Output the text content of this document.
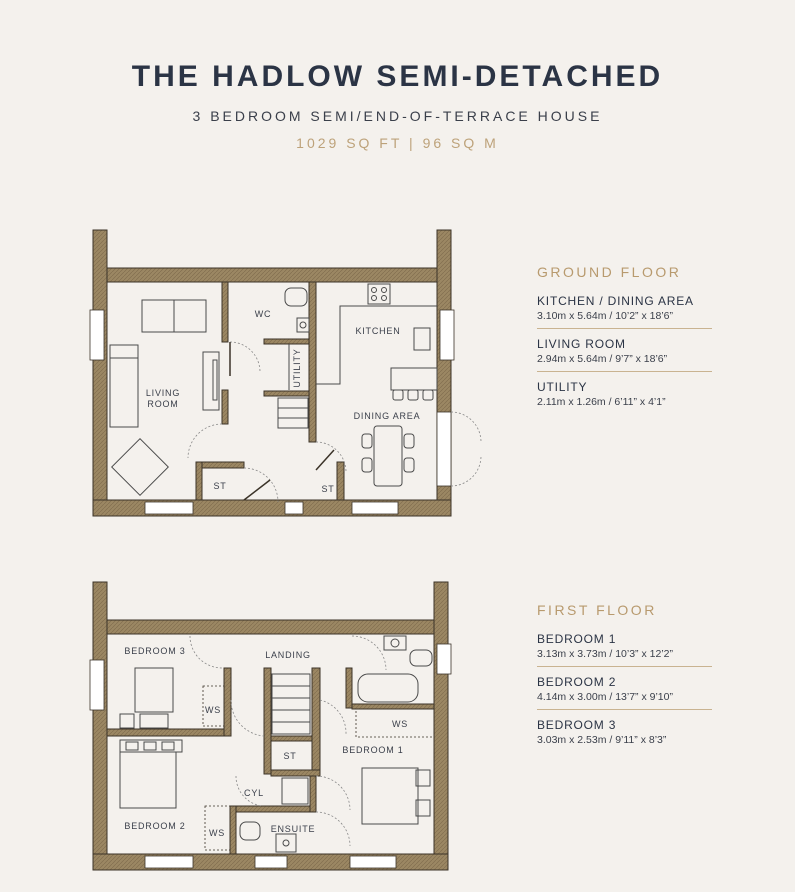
THE HADLOW SEMI-DETACHED
3 BEDROOM SEMI/END-OF-TERRACE HOUSE
1029 SQ FT | 96 SQ M
WC
KITCHEN
LIVING
ROOM
UTILITY
DINING AREA
ST	ST
BEDROOM 3	LANDING
WS
WS
ST
BEDROOM 1
CYL
BEDROOM 2
WS	ENSUITE
GROUND FLOOR
KITCHEN / DINING AREA
3.10m x 5.64m / 10’2” x 18’6”
LIVING ROOM
2.94m x 5.64m / 9’7” x 18’6”
UTILITY
2.11m x 1.26m / 6’11” x 4’1”
FIRST FLOOR
BEDROOM 1
3.13m x 3.73m / 10’3” x 12’2”
BEDROOM 2
4.14m x 3.00m / 13’7” x 9’10”
BEDROOM 3
3.03m x 2.53m / 9’11” x 8’3”
